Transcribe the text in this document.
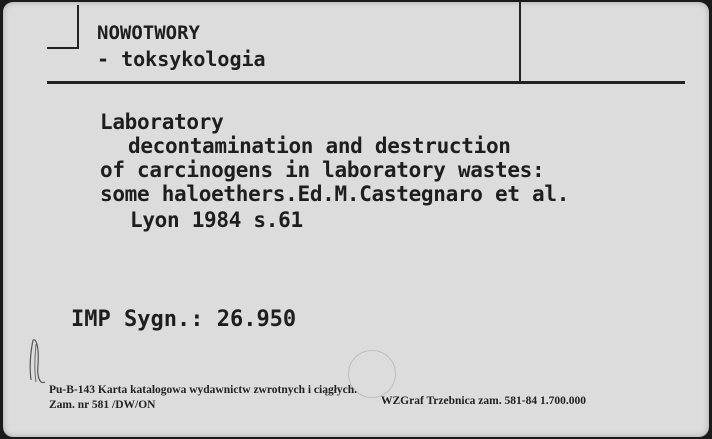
NOWOTWORY
- toksykologia
Laboratory
decontamination and destruction
of carcinogens in laboratory wastes:
some haloethers.Ed.M.Castegnaro et al.
Lyon 1984 s.61
IMP Sygn.: 26.950
Pu-B-143 Karta katalogowa wydawnictw zwrotnych i ciągłych.
Zam. nr 581 /DW/ON	WZGraf Trzebnica zam. 581-84 1.700.000
